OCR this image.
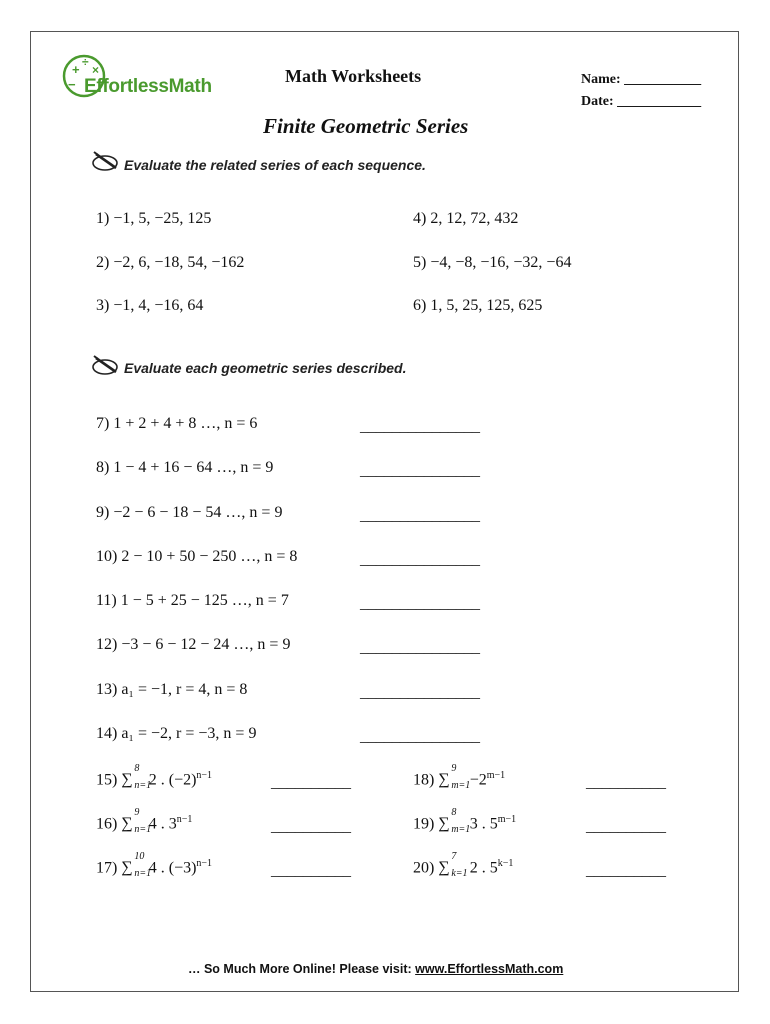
+ ÷
×
− EffortlessMath	Math Worksheets	Name: ___________
Date: ____________
Finite Geometric Series
Evaluate the related series of each sequence.
1) −1, 5, −25, 125
2) −2, 6, −18, 54, −162
3) −1, 4, −16, 64
4) 2, 12, 72, 432
5) −4, −8, −16, −32, −64
6) 1, 5, 25, 125, 625
Evaluate each geometric series described.
7) 1 + 2 + 4 + 8 …, n = 6
8) 1 − 4 + 16 − 64 …, n = 9
9) −2 − 6 − 18 − 54 …, n = 9
10) 2 − 10 + 50 − 250 …, n = 8
11) 1 − 5 + 25 − 125 …, n = 7
12) −3 − 6 − 12 − 24 …, n = 9
13) a₁ = −1, r = 4, n = 8
14) a₁ = −2, r = −3, n = 9
_______________
_______________
_______________
_______________
_______________
_______________
_______________
_______________
15) ∑
8
n=1
2 . $(-2)^{n-1}$
16) ∑
9
n=1
4 . $3^{n-1}$
17) ∑
10
n=1
4 . $(-3)^{n-1}$
18) ∑
9
$m=1 -2^{m-1}$
19) ∑
8
m=1 3 . $5^{m-1}$
20) ∑
7
k=1 2 . $5^{k-1}$
__________
__________
__________
__________
__________
__________
… So Much More Online! Please visit: www.EffortlessMath.com
